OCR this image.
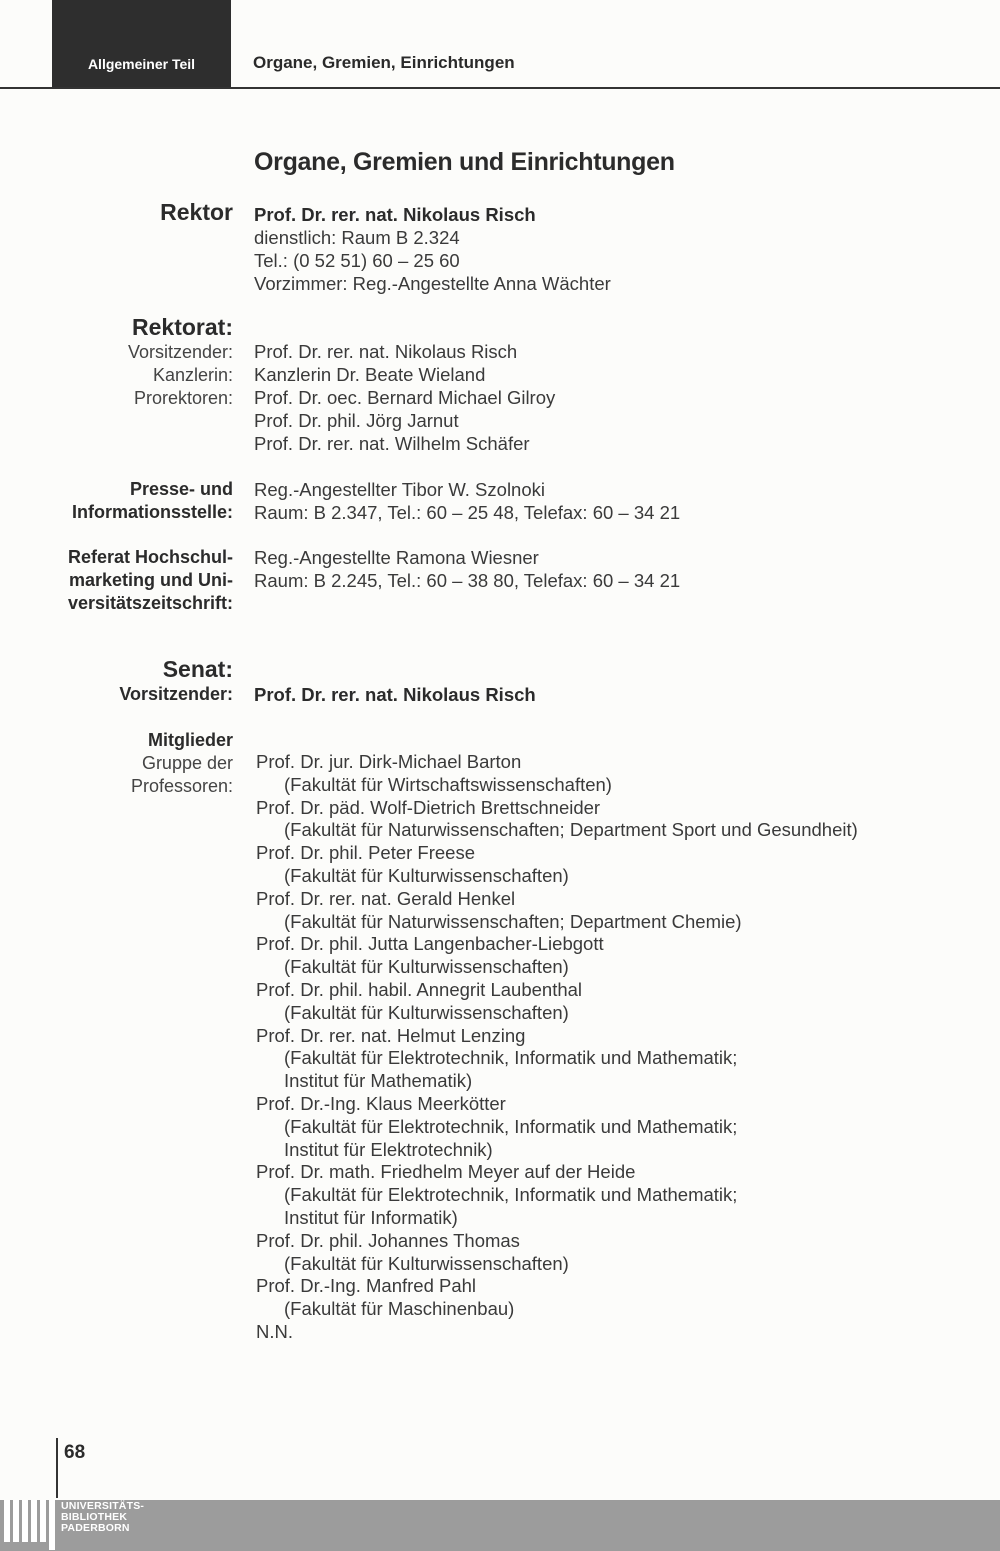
Allgemeiner Teil	Organe, Gremien, Einrichtungen
Organe, Gremien und Einrichtungen
Rektor Prof. Dr. rer. nat. Nikolaus Risch
dienstlich: Raum B 2.324
Tel.: (0 52 51) 60 – 25 60
Vorzimmer: Reg.-Angestellte Anna Wächter
Rektorat:
Vorsitzender:
Kanzlerin:
Prorektoren:
Prof. Dr. rer. nat. Nikolaus Risch
Kanzlerin Dr. Beate Wieland
Prof. Dr. oec. Bernard Michael Gilroy
Prof. Dr. phil. Jörg Jarnut
Prof. Dr. rer. nat. Wilhelm Schäfer
Presse- und
Informationsstelle:
Reg.-Angestellter Tibor W. Szolnoki
Raum: B 2.347, Tel.: 60 – 25 48, Telefax: 60 – 34 21
Referat Hochschul-
marketing und Uni-
versitätszeitschrift:
Reg.-Angestellte Ramona Wiesner
Raum: B 2.245, Tel.: 60 – 38 80, Telefax: 60 – 34 21
Senat:
Vorsitzender: Prof. Dr. rer. nat. Nikolaus Risch
Mitglieder
Gruppe der
Professoren:
Prof. Dr. jur. Dirk-Michael Barton
(Fakultät für Wirtschaftswissenschaften)
Prof. Dr. päd. Wolf-Dietrich Brettschneider
(Fakultät für Naturwissenschaften; Department Sport und Gesundheit)
Prof. Dr. phil. Peter Freese
(Fakultät für Kulturwissenschaften)
Prof. Dr. rer. nat. Gerald Henkel
(Fakultät für Naturwissenschaften; Department Chemie)
Prof. Dr. phil. Jutta Langenbacher-Liebgott
(Fakultät für Kulturwissenschaften)
Prof. Dr. phil. habil. Annegrit Laubenthal
(Fakultät für Kulturwissenschaften)
Prof. Dr. rer. nat. Helmut Lenzing
(Fakultät für Elektrotechnik, Informatik und Mathematik;
Institut für Mathematik)
Prof. Dr.-Ing. Klaus Meerkötter
(Fakultät für Elektrotechnik, Informatik und Mathematik;
Institut für Elektrotechnik)
Prof. Dr. math. Friedhelm Meyer auf der Heide
(Fakultät für Elektrotechnik, Informatik und Mathematik;
Institut für Informatik)
Prof. Dr. phil. Johannes Thomas
(Fakultät für Kulturwissenschaften)
Prof. Dr.-Ing. Manfred Pahl
(Fakultät für Maschinenbau)
N.N.
68
UNIVERSITÄTS-
BIBLIOTHEK
PADERBORN
